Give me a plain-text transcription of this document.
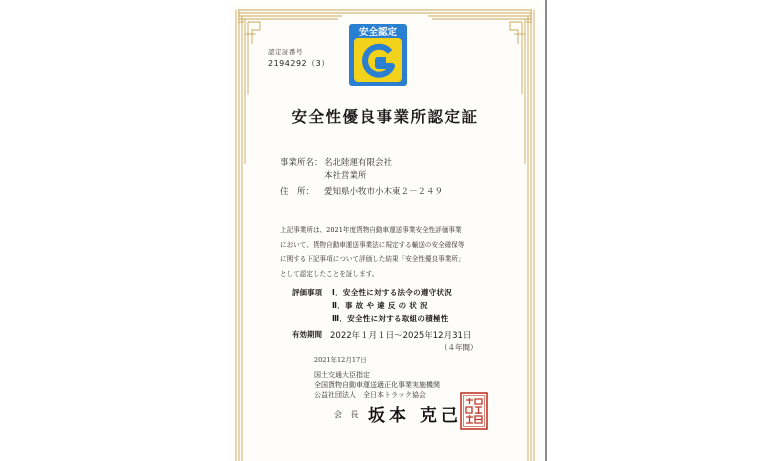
認定証番号
2194292（3）
安全認定
安全性優良事業所認定証
事業所名：名北陸運有限会社
本社営業所
住　所： 愛知県小牧市小木東２－２４９
上記事業所は、2021年度貨物自動車運送事業安全性評価事業
において、貨物自動車運送事業法に規定する輸送の安全確保等
に関する下記事項について評価した結果「安全性優良事業所」
として認定したことを証します。
評価事項 Ⅰ．安全性に対する法令の遵守状況
Ⅱ．事 故 や 違 反 の 状 況
Ⅲ．安全性に対する取組の積極性
有効期間 2022年１月１日～2025年12月31日
（４年間）
2021年12月17日
国土交通大臣指定
全国貨物自動車運送適正化事業実施機関
公益社団法人　全日本トラック協会
会 長 坂本 克己
